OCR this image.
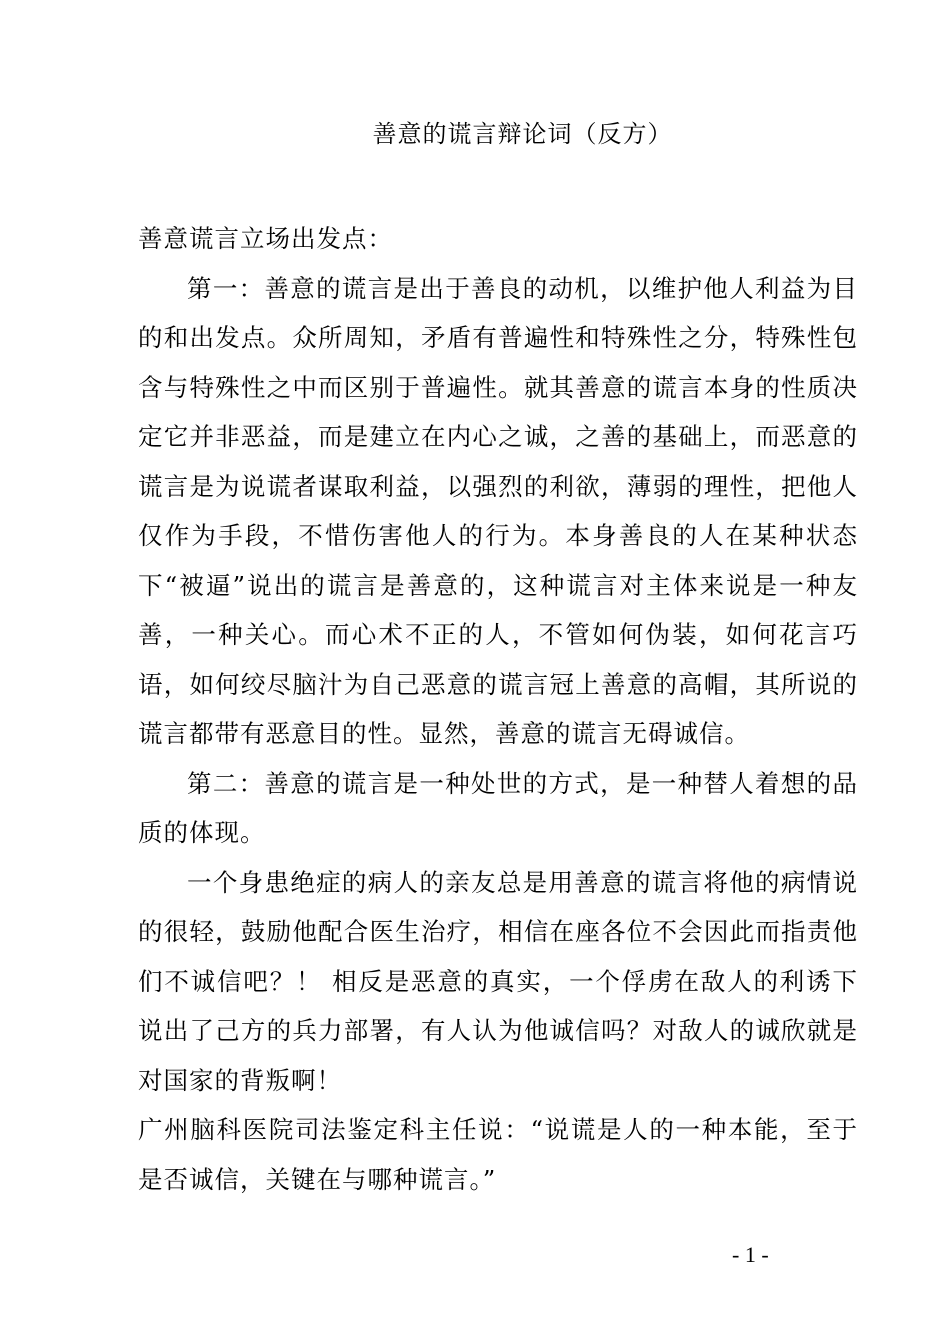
善意的谎言辩论词（反方）

善意谎言立场出发点：

第一：善意的谎言是出于善良的动机，以维护他人利益为目的和出发点。众所周知，矛盾有普遍性和特殊性之分，特殊性包含与特殊性之中而区别于普遍性。就其善意的谎言本身的性质决定它并非恶益，而是建立在内心之诚，之善的基础上，而恶意的谎言是为说谎者谋取利益，以强烈的利欲，薄弱的理性，把他人仅作为手段，不惜伤害他人的行为。本身善良的人在某种状态下“被逼”说出的谎言是善意的，这种谎言对主体来说是一种友善，一种关心。而心术不正的人，不管如何伪装，如何花言巧语，如何绞尽脑汁为自己恶意的谎言冠上善意的高帽，其所说的谎言都带有恶意目的性。显然，善意的谎言无碍诚信。

第二：善意的谎言是一种处世的方式，是一种替人着想的品质的体现。

一个身患绝症的病人的亲友总是用善意的谎言将他的病情说的很轻，鼓励他配合医生治疗，相信在座各位不会因此而指责他们不诚信吧？！ 相反是恶意的真实，一个俘虏在敌人的利诱下说出了己方的兵力部署，有人认为他诚信吗？对敌人的诚欣就是对国家的背叛啊！

广州脑科医院司法鉴定科主任说：“说谎是人的一种本能，至于是否诚信，关键在与哪种谎言。”

- 1 -
